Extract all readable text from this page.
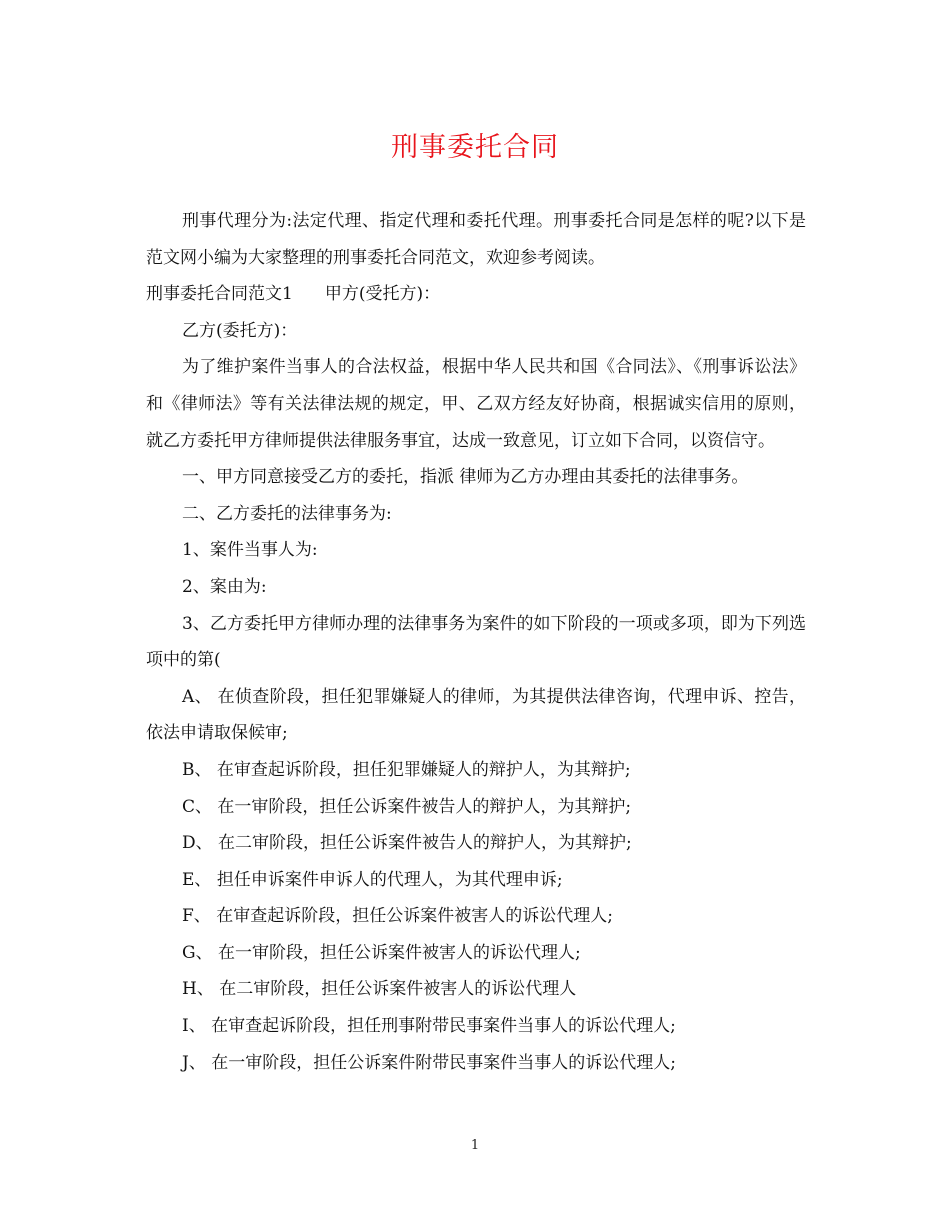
刑事委托合同

刑事代理分为:法定代理、指定代理和委托代理。刑事委托合同是怎样的呢?以下是范文网小编为大家整理的刑事委托合同范文，欢迎参考阅读。

刑事委托合同范文1 甲方(受托方)：

乙方(委托方)：

为了维护案件当事人的合法权益，根据中华人民共和国《合同法》、《刑事诉讼法》和《律师法》等有关法律法规的规定，甲、乙双方经友好协商，根据诚实信用的原则，就乙方委托甲方律师提供法律服务事宜，达成一致意见，订立如下合同，以资信守。

一、甲方同意接受乙方的委托，指派 律师为乙方办理由其委托的法律事务。

二、乙方委托的法律事务为:

1、案件当事人为:

2、案由为:

3、乙方委托甲方律师办理的法律事务为案件的如下阶段的一项或多项，即为下列选项中的第(

A、 在侦查阶段，担任犯罪嫌疑人的律师，为其提供法律咨询，代理申诉、控告，依法申请取保候审;

B、 在审查起诉阶段，担任犯罪嫌疑人的辩护人，为其辩护;

C、 在一审阶段，担任公诉案件被告人的辩护人，为其辩护;

D、 在二审阶段，担任公诉案件被告人的辩护人，为其辩护;

E、 担任申诉案件申诉人的代理人，为其代理申诉;

F、 在审查起诉阶段，担任公诉案件被害人的诉讼代理人;

G、 在一审阶段，担任公诉案件被害人的诉讼代理人;

H、 在二审阶段，担任公诉案件被害人的诉讼代理人

I、 在审查起诉阶段，担任刑事附带民事案件当事人的诉讼代理人;

J、 在一审阶段，担任公诉案件附带民事案件当事人的诉讼代理人;

1
